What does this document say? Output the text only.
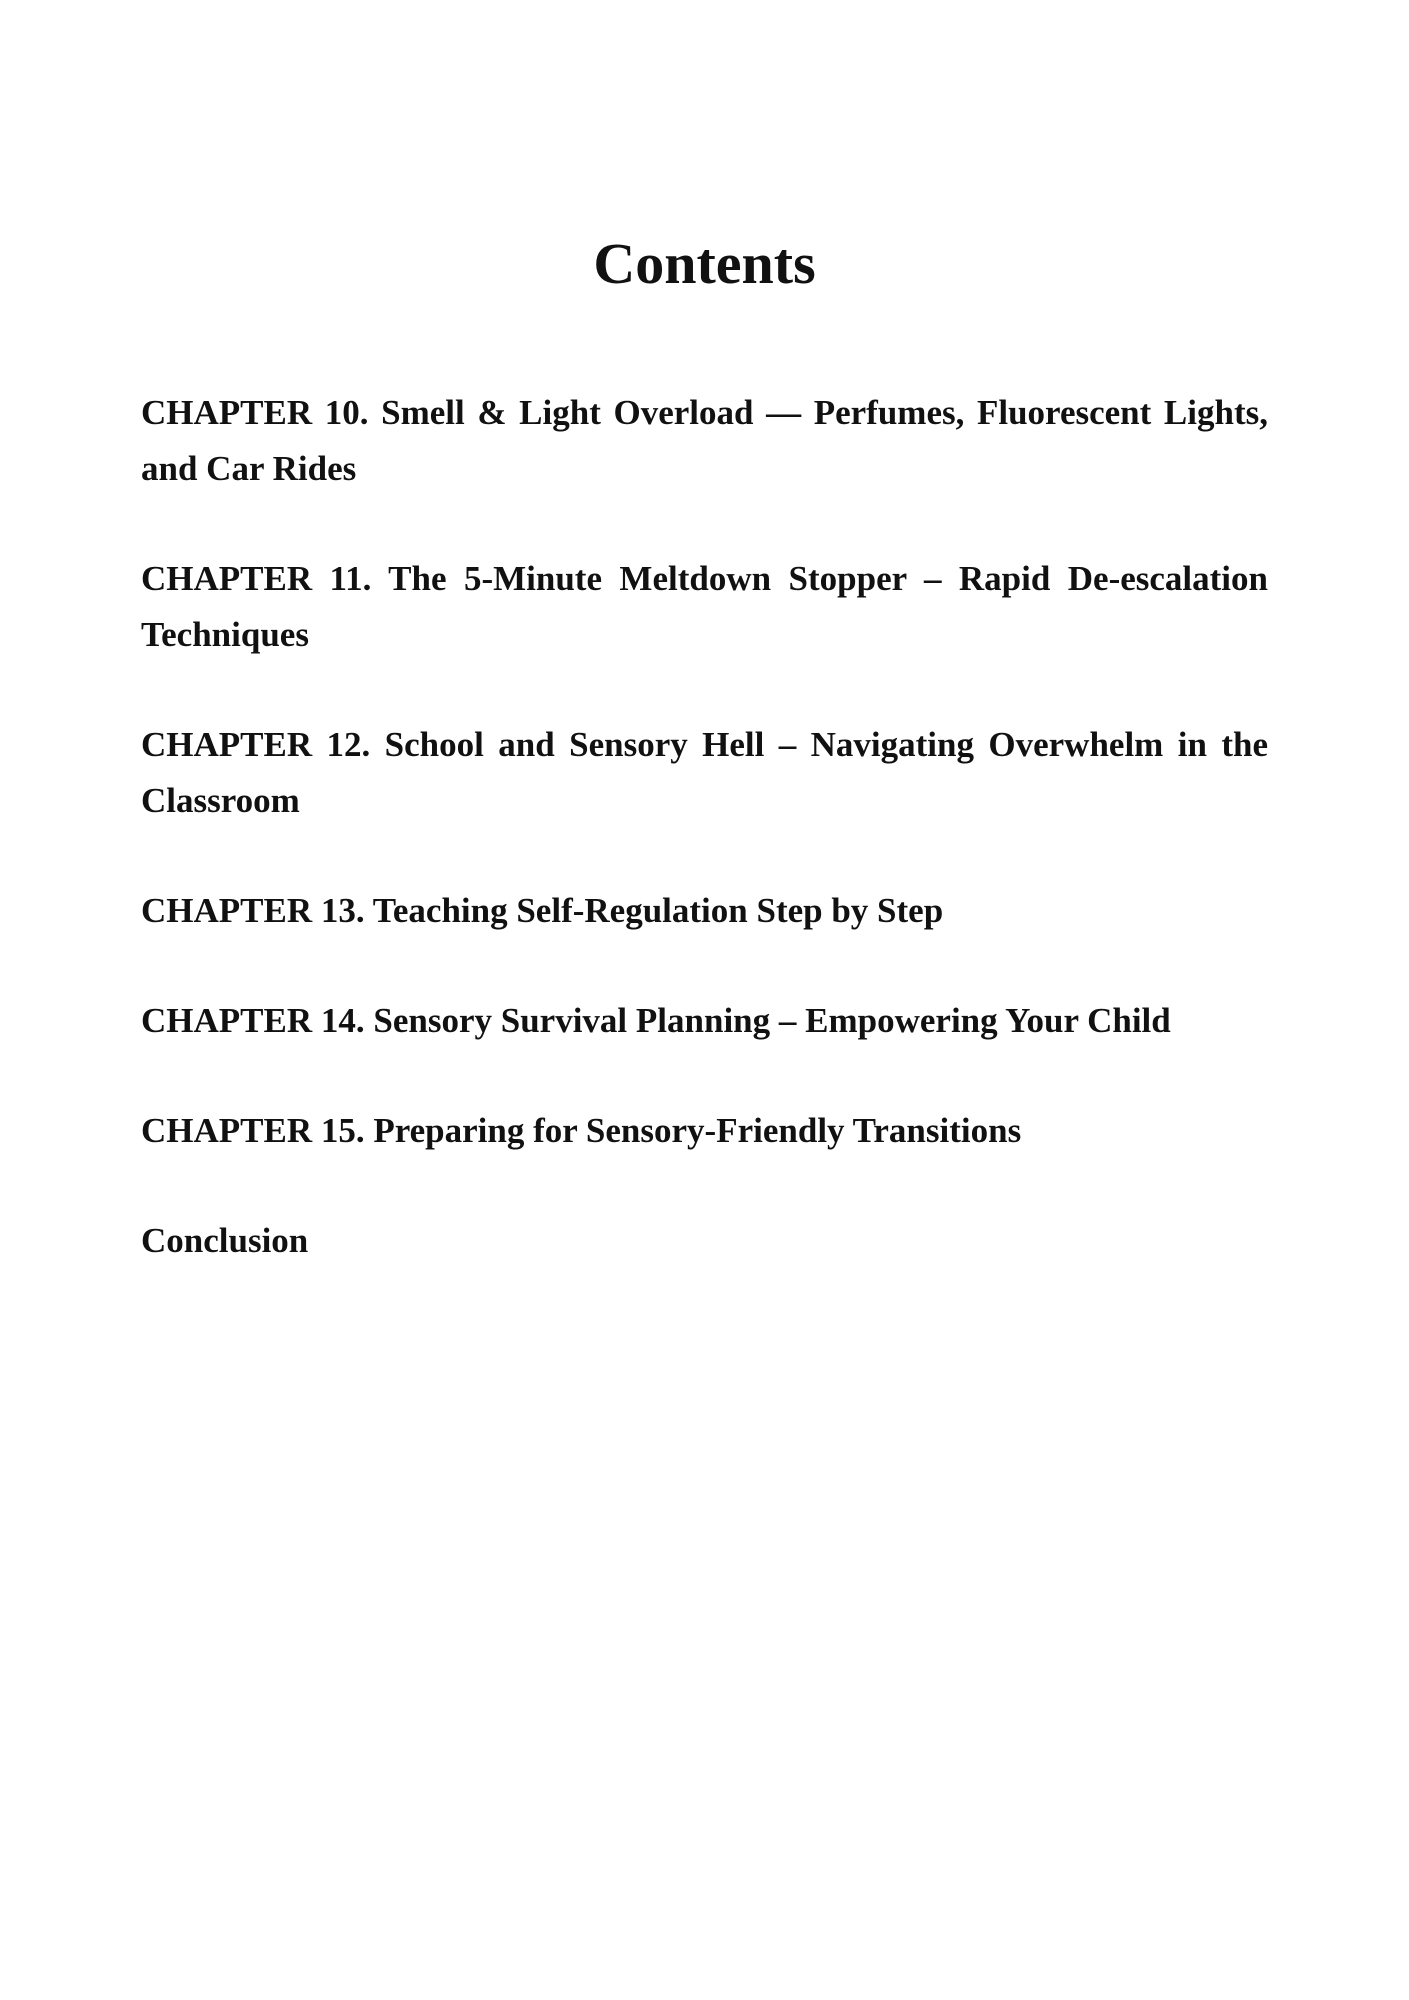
Contents
CHAPTER 10. Smell & Light Overload — Perfumes, Fluorescent Lights, and Car Rides
CHAPTER 11. The 5-Minute Meltdown Stopper – Rapid De-escalation Techniques
CHAPTER 12. School and Sensory Hell – Navigating Overwhelm in the Classroom
CHAPTER 13. Teaching Self-Regulation Step by Step
CHAPTER 14. Sensory Survival Planning – Empowering Your Child
CHAPTER 15. Preparing for Sensory-Friendly Transitions
Conclusion
